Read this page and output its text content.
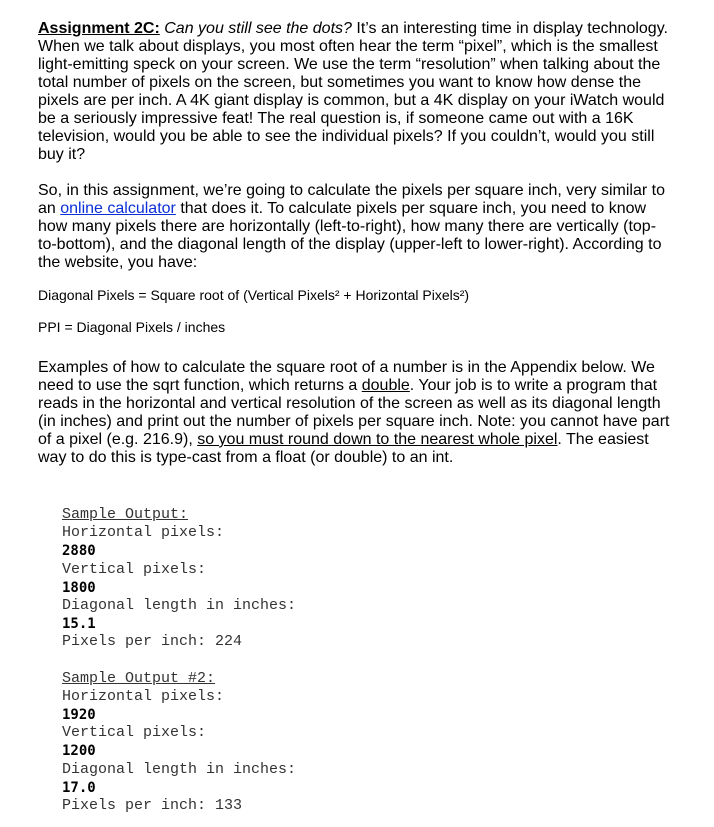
Assignment 2C: Can you still see the dots? It’s an interesting time in display technology. When we talk about displays, you most often hear the term “pixel”, which is the smallest light-emitting speck on your screen. We use the term “resolution” when talking about the total number of pixels on the screen, but sometimes you want to know how dense the pixels are per inch. A 4K giant display is common, but a 4K display on your iWatch would be a seriously impressive feat! The real question is, if someone came out with a 16K television, would you be able to see the individual pixels? If you couldn’t, would you still buy it?

So, in this assignment, we’re going to calculate the pixels per square inch, very similar to an online calculator that does it. To calculate pixels per square inch, you need to know how many pixels there are horizontally (left-to-right), how many there are vertically (top-to-bottom), and the diagonal length of the display (upper-left to lower-right). According to the website, you have:

Diagonal Pixels = Square root of (Vertical Pixels² + Horizontal Pixels²)

PPI = Diagonal Pixels / inches

Examples of how to calculate the square root of a number is in the Appendix below. We need to use the sqrt function, which returns a double. Your job is to write a program that reads in the horizontal and vertical resolution of the screen as well as its diagonal length (in inches) and print out the number of pixels per square inch. Note: you cannot have part of a pixel (e.g. 216.9), so you must round down to the nearest whole pixel. The easiest way to do this is type-cast from a float (or double) to an int.

Sample Output:
Horizontal pixels:
2880
Vertical pixels:
1800
Diagonal length in inches:
15.1
Pixels per inch: 224
Sample Output #2:
Horizontal pixels:
1920
Vertical pixels:
1200
Diagonal length in inches:
17.0
Pixels per inch: 133
